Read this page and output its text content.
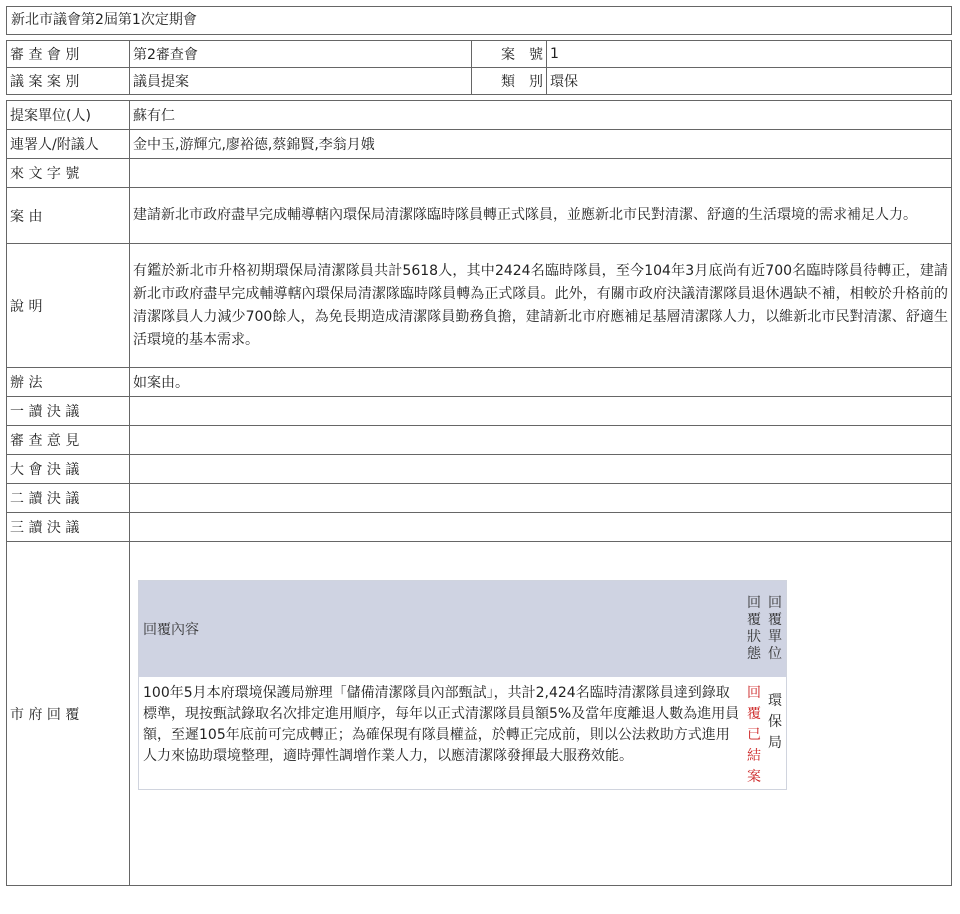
新北市議會第2屆第1次定期會
審 查 會 別	第2審查會	案　號	1
議 案 案 別	議員提案	類　別	環保
提案單位(人)	蘇有仁
連署人/附議人	金中玉,游輝宂,廖裕德,蔡錦賢,李翁月娥
來 文 字 號	
案 由	建請新北市政府盡早完成輔導轄內環保局清潔隊臨時隊員轉正式隊員，並應新北市民對清潔、舒適的生活環境的需求補足人力。
說 明	有鑑於新北市升格初期環保局清潔隊員共計5618人，其中2424名臨時隊員，至今104年3月底尚有近700名臨時隊員待轉正，建請新北市政府盡早完成輔導轄內環保局清潔隊臨時隊員轉為正式隊員。此外，有關市政府決議清潔隊員退休遇缺不補，相較於升格前的清潔隊員人力減少700餘人，為免長期造成清潔隊員勤務負擔，建請新北市府應補足基層清潔隊人力，以維新北市民對清潔、舒適生活環境的基本需求。
辦 法	如案由。
一 讀 決 議	
審 查 意 見	
大 會 決 議	
二 讀 決 議	
三 讀 決 議	
市 府 回 覆	
回覆內容	回覆狀態	回覆單位
100年5月本府環境保護局辦理「儲備清潔隊員內部甄試」，共計2,424名臨時清潔隊員達到錄取標準，現按甄試錄取名次排定進用順序，每年以正式清潔隊員員額5%及當年度離退人數為進用員額，至遲105年底前可完成轉正；為確保現有隊員權益，於轉正完成前，則以公法救助方式進用人力來協助環境整理，適時彈性調增作業人力，以應清潔隊發揮最大服務效能。	回覆已結案	環保局
